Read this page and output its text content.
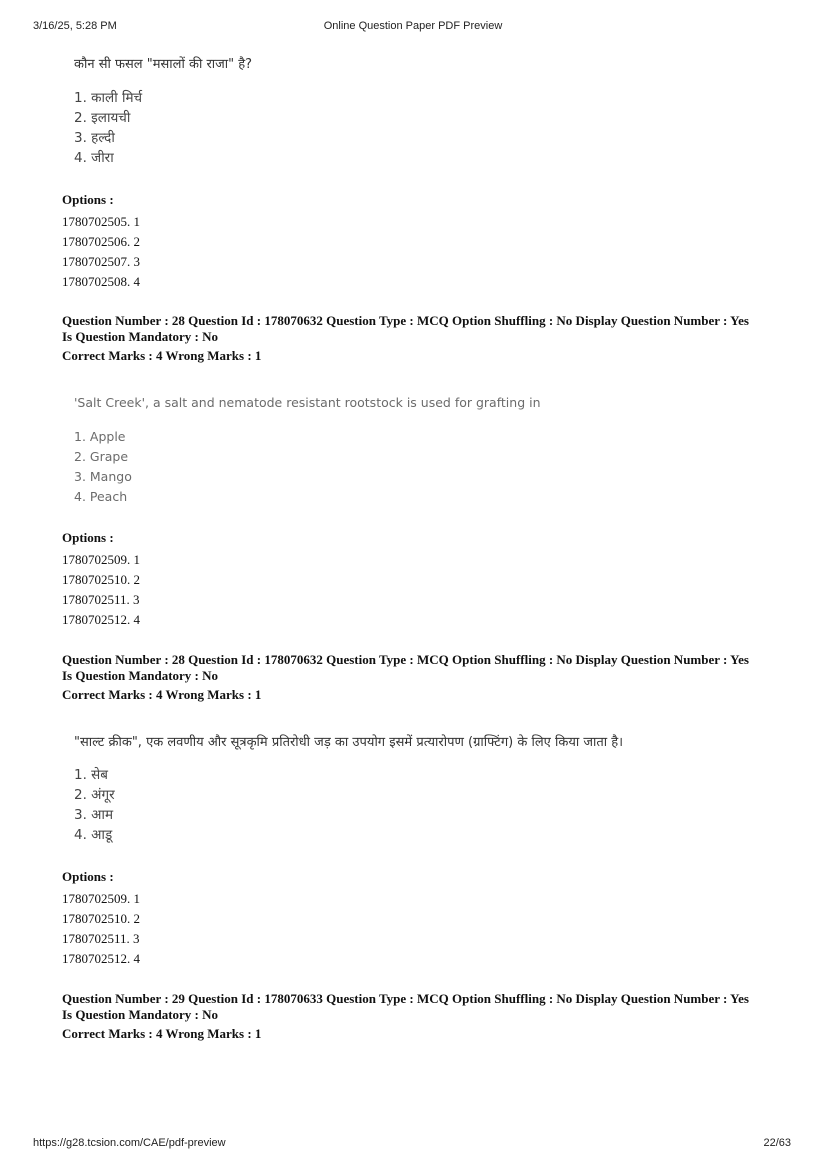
3/16/25, 5:28 PM	Online Question Paper PDF Preview
कौन सी फसल "मसालों की राजा" है?
1. काली मिर्च
2. इलायची
3. हल्दी
4. जीरा
Options :
1780702505. 1
1780702506. 2
1780702507. 3
1780702508. 4
Question Number : 28 Question Id : 178070632 Question Type : MCQ Option Shuffling : No Display Question Number : Yes
Is Question Mandatory : No
Correct Marks : 4 Wrong Marks : 1
'Salt Creek', a salt and nematode resistant rootstock is used for grafting in
1. Apple
2. Grape
3. Mango
4. Peach
Options :
1780702509. 1
1780702510. 2
1780702511. 3
1780702512. 4
Question Number : 28 Question Id : 178070632 Question Type : MCQ Option Shuffling : No Display Question Number : Yes
Is Question Mandatory : No
Correct Marks : 4 Wrong Marks : 1
"साल्ट क्रीक", एक लवणीय और सूत्रकृमि प्रतिरोधी जड़ का उपयोग इसमें प्रत्यारोपण (ग्राफ्टिंग) के लिए किया जाता है।
1. सेब
2. अंगूर
3. आम
4. आडू
Options :
1780702509. 1
1780702510. 2
1780702511. 3
1780702512. 4
Question Number : 29 Question Id : 178070633 Question Type : MCQ Option Shuffling : No Display Question Number : Yes
Is Question Mandatory : No
Correct Marks : 4 Wrong Marks : 1
https://g28.tcsion.com/CAE/pdf-preview	22/63
